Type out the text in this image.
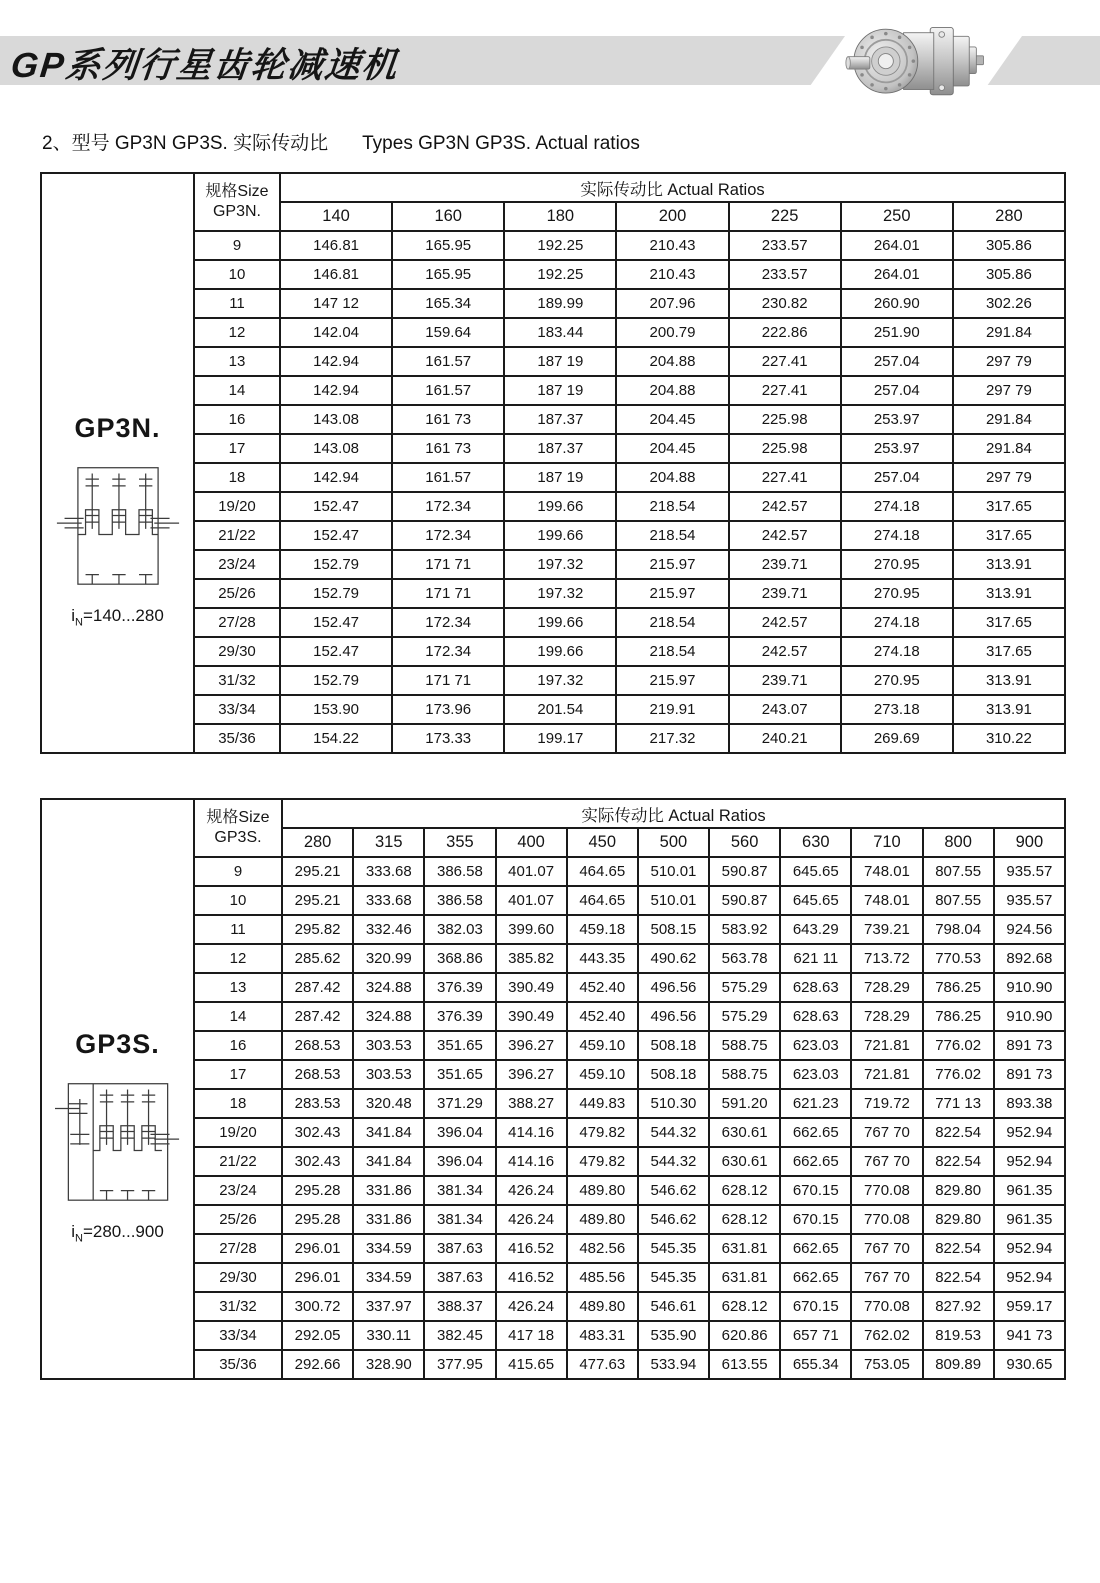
GP系列行星齿轮减速机
2、型号 GP3N GP3S. 实际传动比 Types GP3N GP3S. Actual ratios
GP3N.
$i_N=140...280$

规格Size
GP3N.
	实际传动比 Actual Ratios
		140	160	180	200	225	250	280
	9	146.81	165.95	192.25	210.43	233.57	264.01	305.86
	10	146.81	165.95	192.25	210.43	233.57	264.01	305.86
	11	147 12	165.34	189.99	207.96	230.82	260.90	302.26
	12	142.04	159.64	183.44	200.79	222.86	251.90	291.84
	13	142.94	161.57	187 19	204.88	227.41	257.04	297 79
	14	142.94	161.57	187 19	204.88	227.41	257.04	297 79
	16	143.08	161 73	187.37	204.45	225.98	253.97	291.84
	17	143.08	161 73	187.37	204.45	225.98	253.97	291.84
	18	142.94	161.57	187 19	204.88	227.41	257.04	297 79
	19/20	152.47	172.34	199.66	218.54	242.57	274.18	317.65
	21/22	152.47	172.34	199.66	218.54	242.57	274.18	317.65
	23/24	152.79	171 71	197.32	215.97	239.71	270.95	313.91
	25/26	152.79	171 71	197.32	215.97	239.71	270.95	313.91
	27/28	152.47	172.34	199.66	218.54	242.57	274.18	317.65
	29/30	152.47	172.34	199.66	218.54	242.57	274.18	317.65
	31/32	152.79	171 71	197.32	215.97	239.71	270.95	313.91
	33/34	153.90	173.96	201.54	219.91	243.07	273.18	313.91
	35/36	154.22	173.33	199.17	217.32	240.21	269.69	310.22
GP3S.
$i_N=280...900$

规格Size
GP3S.
	实际传动比 Actual Ratios
		280	315	355	400	450	500	560	630	710	800	900
	9	295.21	333.68	386.58	401.07	464.65	510.01	590.87	645.65	748.01	807.55	935.57
	10	295.21	333.68	386.58	401.07	464.65	510.01	590.87	645.65	748.01	807.55	935.57
	11	295.82	332.46	382.03	399.60	459.18	508.15	583.92	643.29	739.21	798.04	924.56
	12	285.62	320.99	368.86	385.82	443.35	490.62	563.78	621 11	713.72	770.53	892.68
	13	287.42	324.88	376.39	390.49	452.40	496.56	575.29	628.63	728.29	786.25	910.90
	14	287.42	324.88	376.39	390.49	452.40	496.56	575.29	628.63	728.29	786.25	910.90
	16	268.53	303.53	351.65	396.27	459.10	508.18	588.75	623.03	721.81	776.02	891 73
	17	268.53	303.53	351.65	396.27	459.10	508.18	588.75	623.03	721.81	776.02	891 73
	18	283.53	320.48	371.29	388.27	449.83	510.30	591.20	621.23	719.72	771 13	893.38
	19/20	302.43	341.84	396.04	414.16	479.82	544.32	630.61	662.65	767 70	822.54	952.94
	21/22	302.43	341.84	396.04	414.16	479.82	544.32	630.61	662.65	767 70	822.54	952.94
	23/24	295.28	331.86	381.34	426.24	489.80	546.62	628.12	670.15	770.08	829.80	961.35
	25/26	295.28	331.86	381.34	426.24	489.80	546.62	628.12	670.15	770.08	829.80	961.35
	27/28	296.01	334.59	387.63	416.52	482.56	545.35	631.81	662.65	767 70	822.54	952.94
	29/30	296.01	334.59	387.63	416.52	485.56	545.35	631.81	662.65	767 70	822.54	952.94
	31/32	300.72	337.97	388.37	426.24	489.80	546.61	628.12	670.15	770.08	827.92	959.17
	33/34	292.05	330.11	382.45	417 18	483.31	535.90	620.86	657 71	762.02	819.53	941 73
	35/36	292.66	328.90	377.95	415.65	477.63	533.94	613.55	655.34	753.05	809.89	930.65
